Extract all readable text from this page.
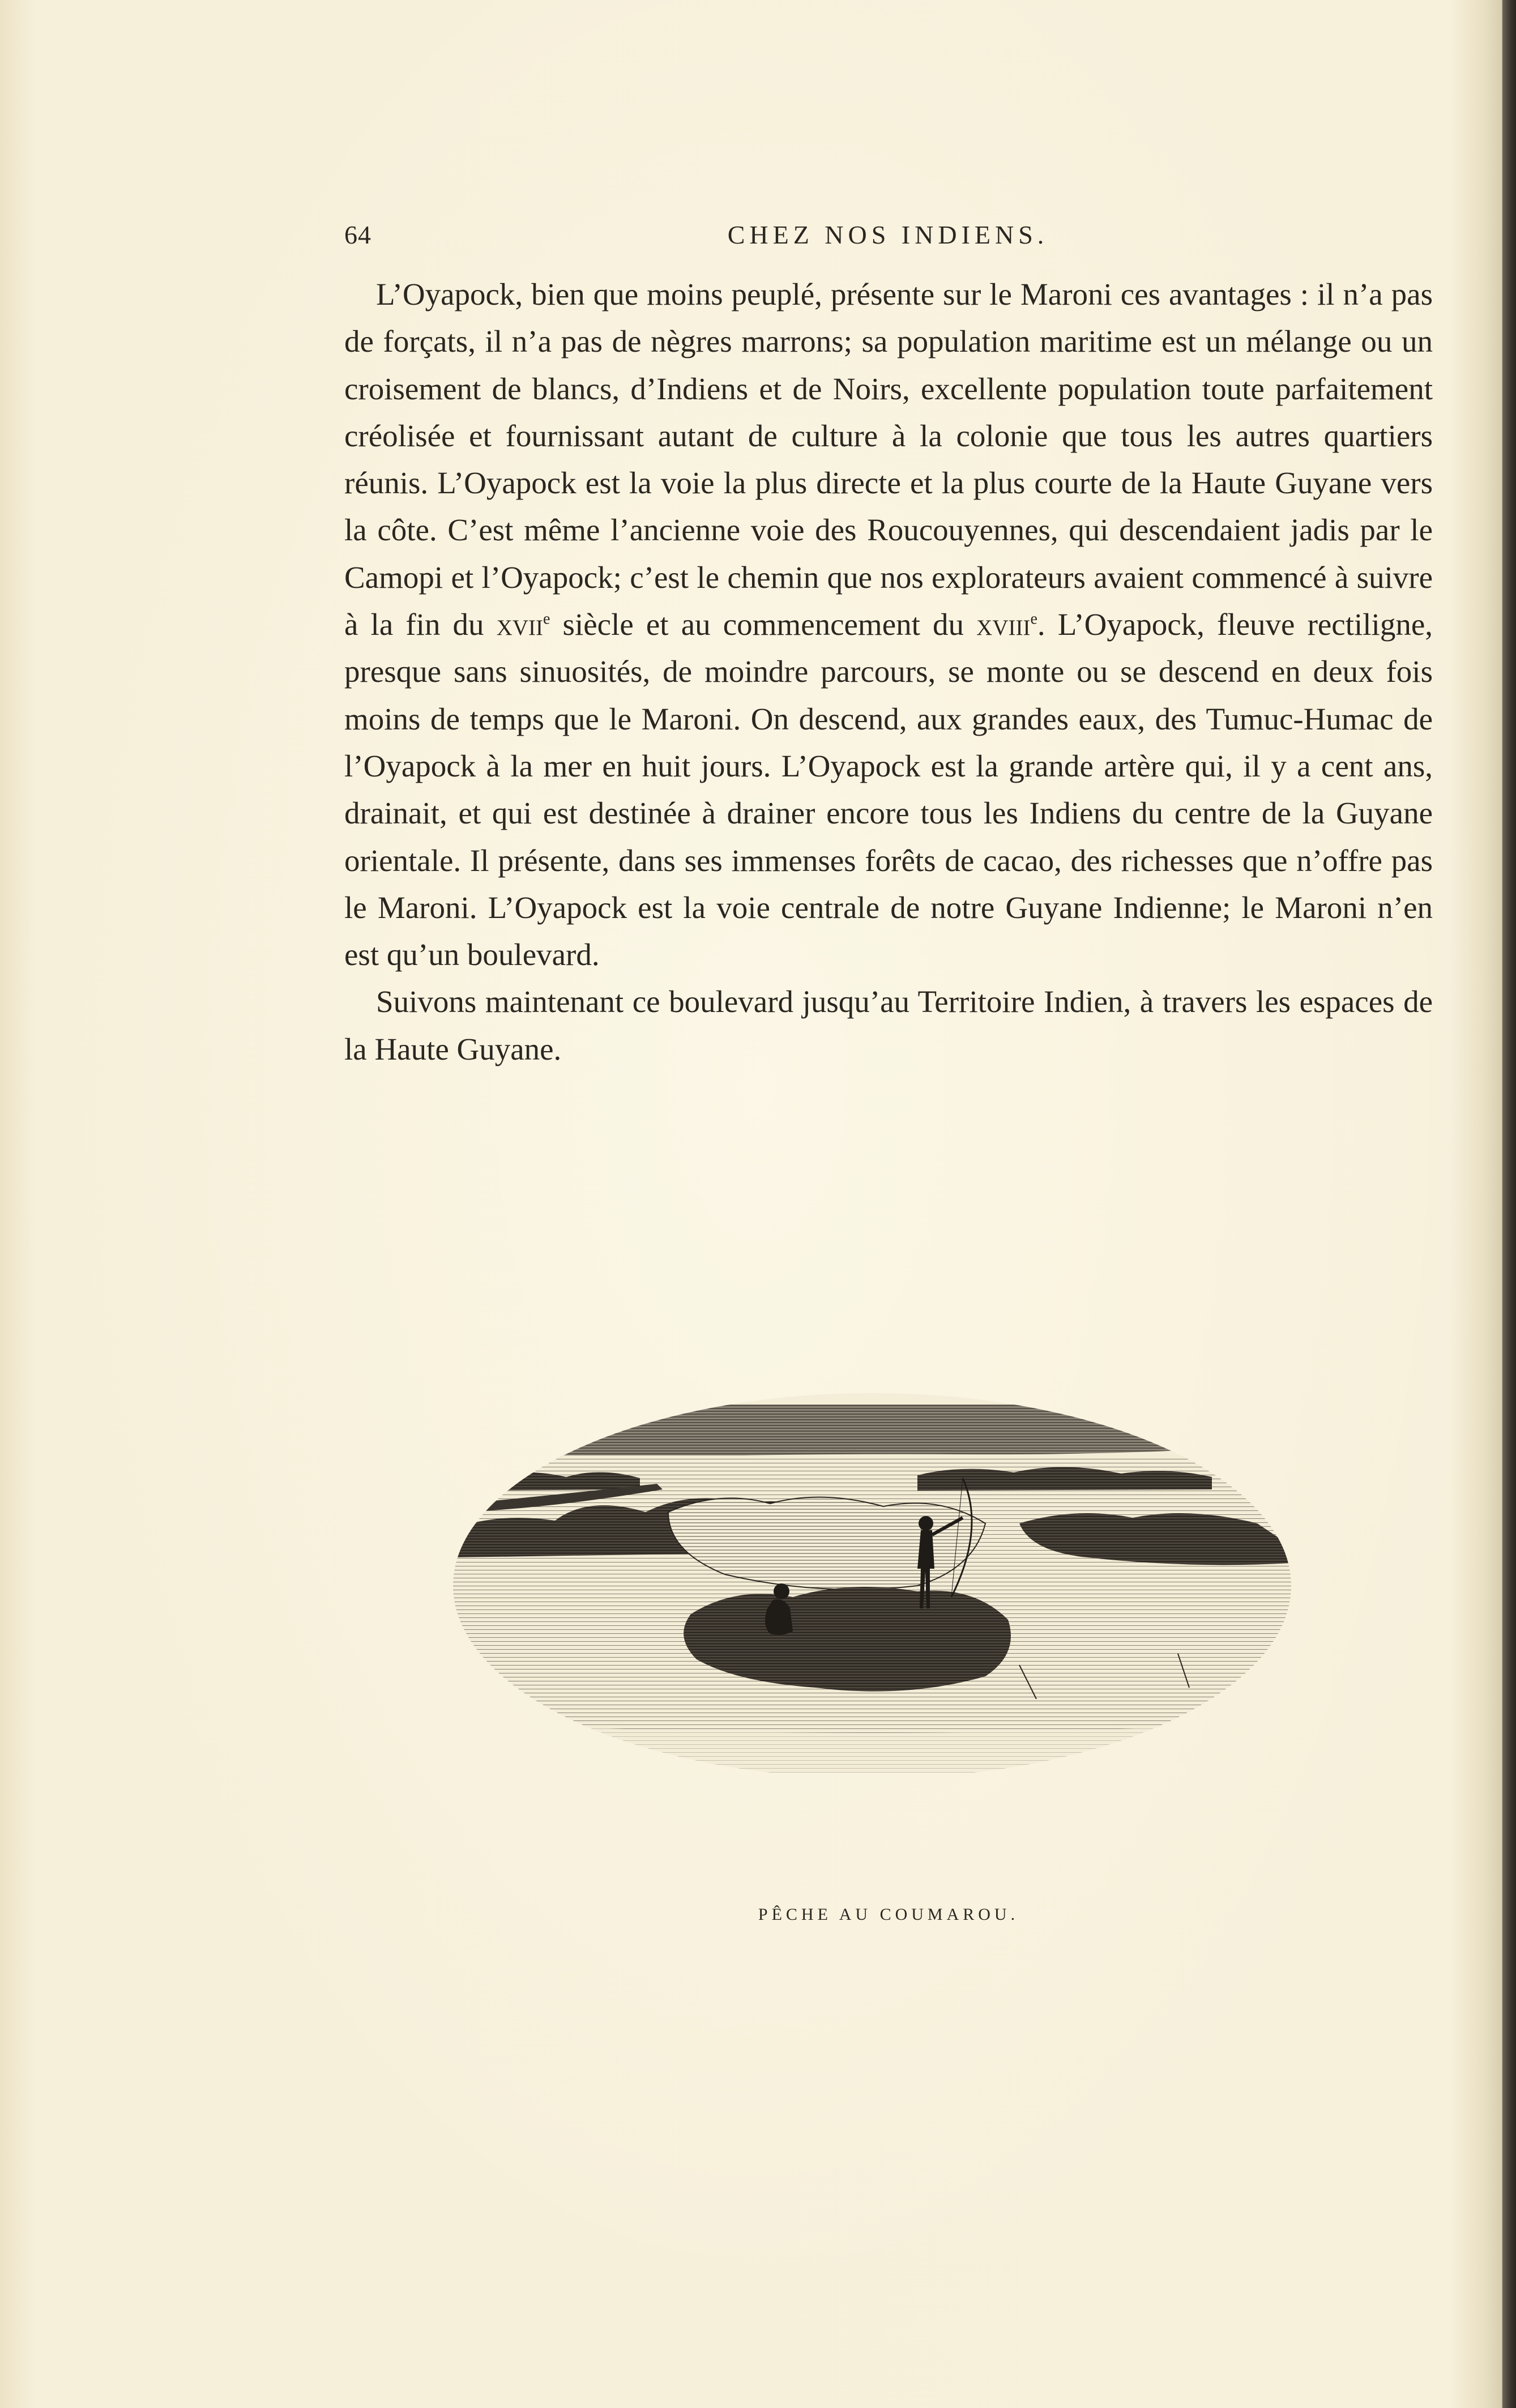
64	CHEZ NOS INDIENS.

L’Oyapock, bien que moins peuplé, présente sur le Maroni ces avantages : il n’a pas de forçats, il n’a pas de nègres marrons; sa population maritime est un mélange ou un croisement de blancs, d’Indiens et de Noirs, excellente population toute parfaitement créolisée et fournissant autant de culture à la colonie que tous les autres quartiers réunis. L’Oyapock est la voie la plus directe et la plus courte de la Haute Guyane vers la côte. C’est même l’ancienne voie des Roucouyennes, qui descendaient jadis par le Camopi et l’Oyapock; c’est le chemin que nos explorateurs avaient commencé à suivre à la fin du xvii$^e$ siècle et au commencement du xviii$^e$. L’Oyapock, fleuve rectiligne, presque sans sinuosités, de moindre parcours, se monte ou se descend en deux fois moins de temps que le Maroni. On descend, aux grandes eaux, des Tumuc-Humac de l’Oyapock à la mer en huit jours. L’Oyapock est la grande artère qui, il y a cent ans, drainait, et qui est destinée à drainer encore tous les Indiens du centre de la Guyane orientale. Il présente, dans ses immenses forêts de cacao, des richesses que n’offre pas le Maroni. L’Oyapock est la voie centrale de notre Guyane Indienne; le Maroni n’en est qu’un boulevard.

Suivons maintenant ce boulevard jusqu’au Territoire Indien, à travers les espaces de la Haute Guyane.

PÊCHE AU COUMAROU.
